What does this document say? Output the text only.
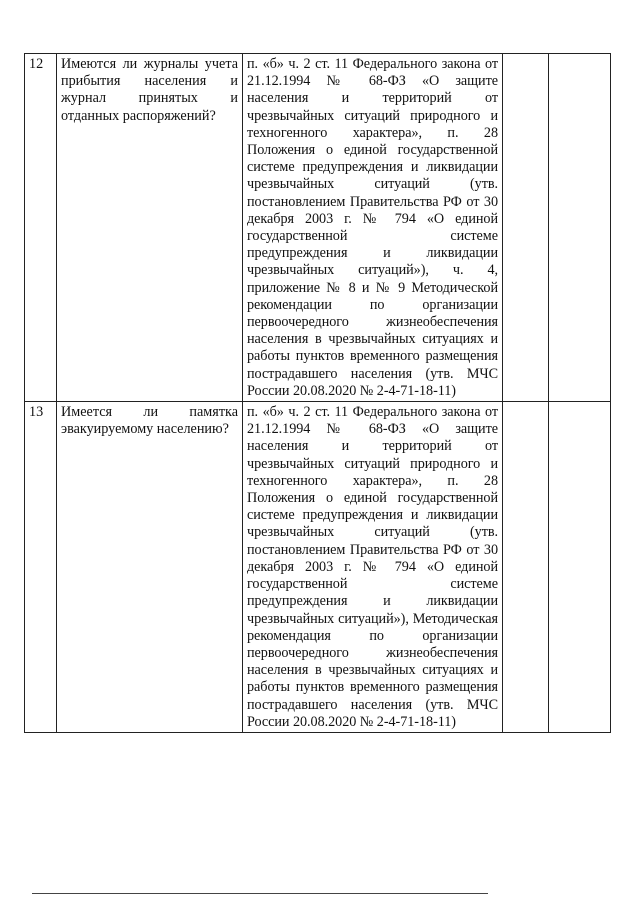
12	Имеются ли журналы учета прибытия населения и журнал принятых и отданных распоряжений?	п. «б» ч. 2 ст. 11 Федерального закона от 21.12.1994 № 68-ФЗ «О защите населения и территорий от чрезвычайных ситуаций природного и техногенного характера», п. 28 Положения о единой государственной системе предупреждения и ликвидации чрезвычайных ситуаций (утв. постановлением Правительства РФ от 30 декабря 2003 г. № 794 «О единой государственной системе предупреждения и ликвидации чрезвычайных ситуаций»), ч. 4, приложение № 8 и № 9 Методической рекомендации по организации первоочередного жизнеобеспечения населения в чрезвычайных ситуациях и работы пунктов временного размещения пострадавшего населения (утв. МЧС России 20.08.2020 № 2-4-71-18-11)		
13	Имеется ли памятка эвакуируемому населению?	п. «б» ч. 2 ст. 11 Федерального закона от 21.12.1994 № 68-ФЗ «О защите населения и территорий от чрезвычайных ситуаций природного и техногенного характера», п. 28 Положения о единой государственной системе предупреждения и ликвидации чрезвычайных ситуаций (утв. постановлением Правительства РФ от 30 декабря 2003 г. № 794 «О единой государственной системе предупреждения и ликвидации чрезвычайных ситуаций»), Методическая рекомендация по организации первоочередного жизнеобеспечения населения в чрезвычайных ситуациях и работы пунктов временного размещения пострадавшего населения (утв. МЧС России 20.08.2020 № 2-4-71-18-11)		
